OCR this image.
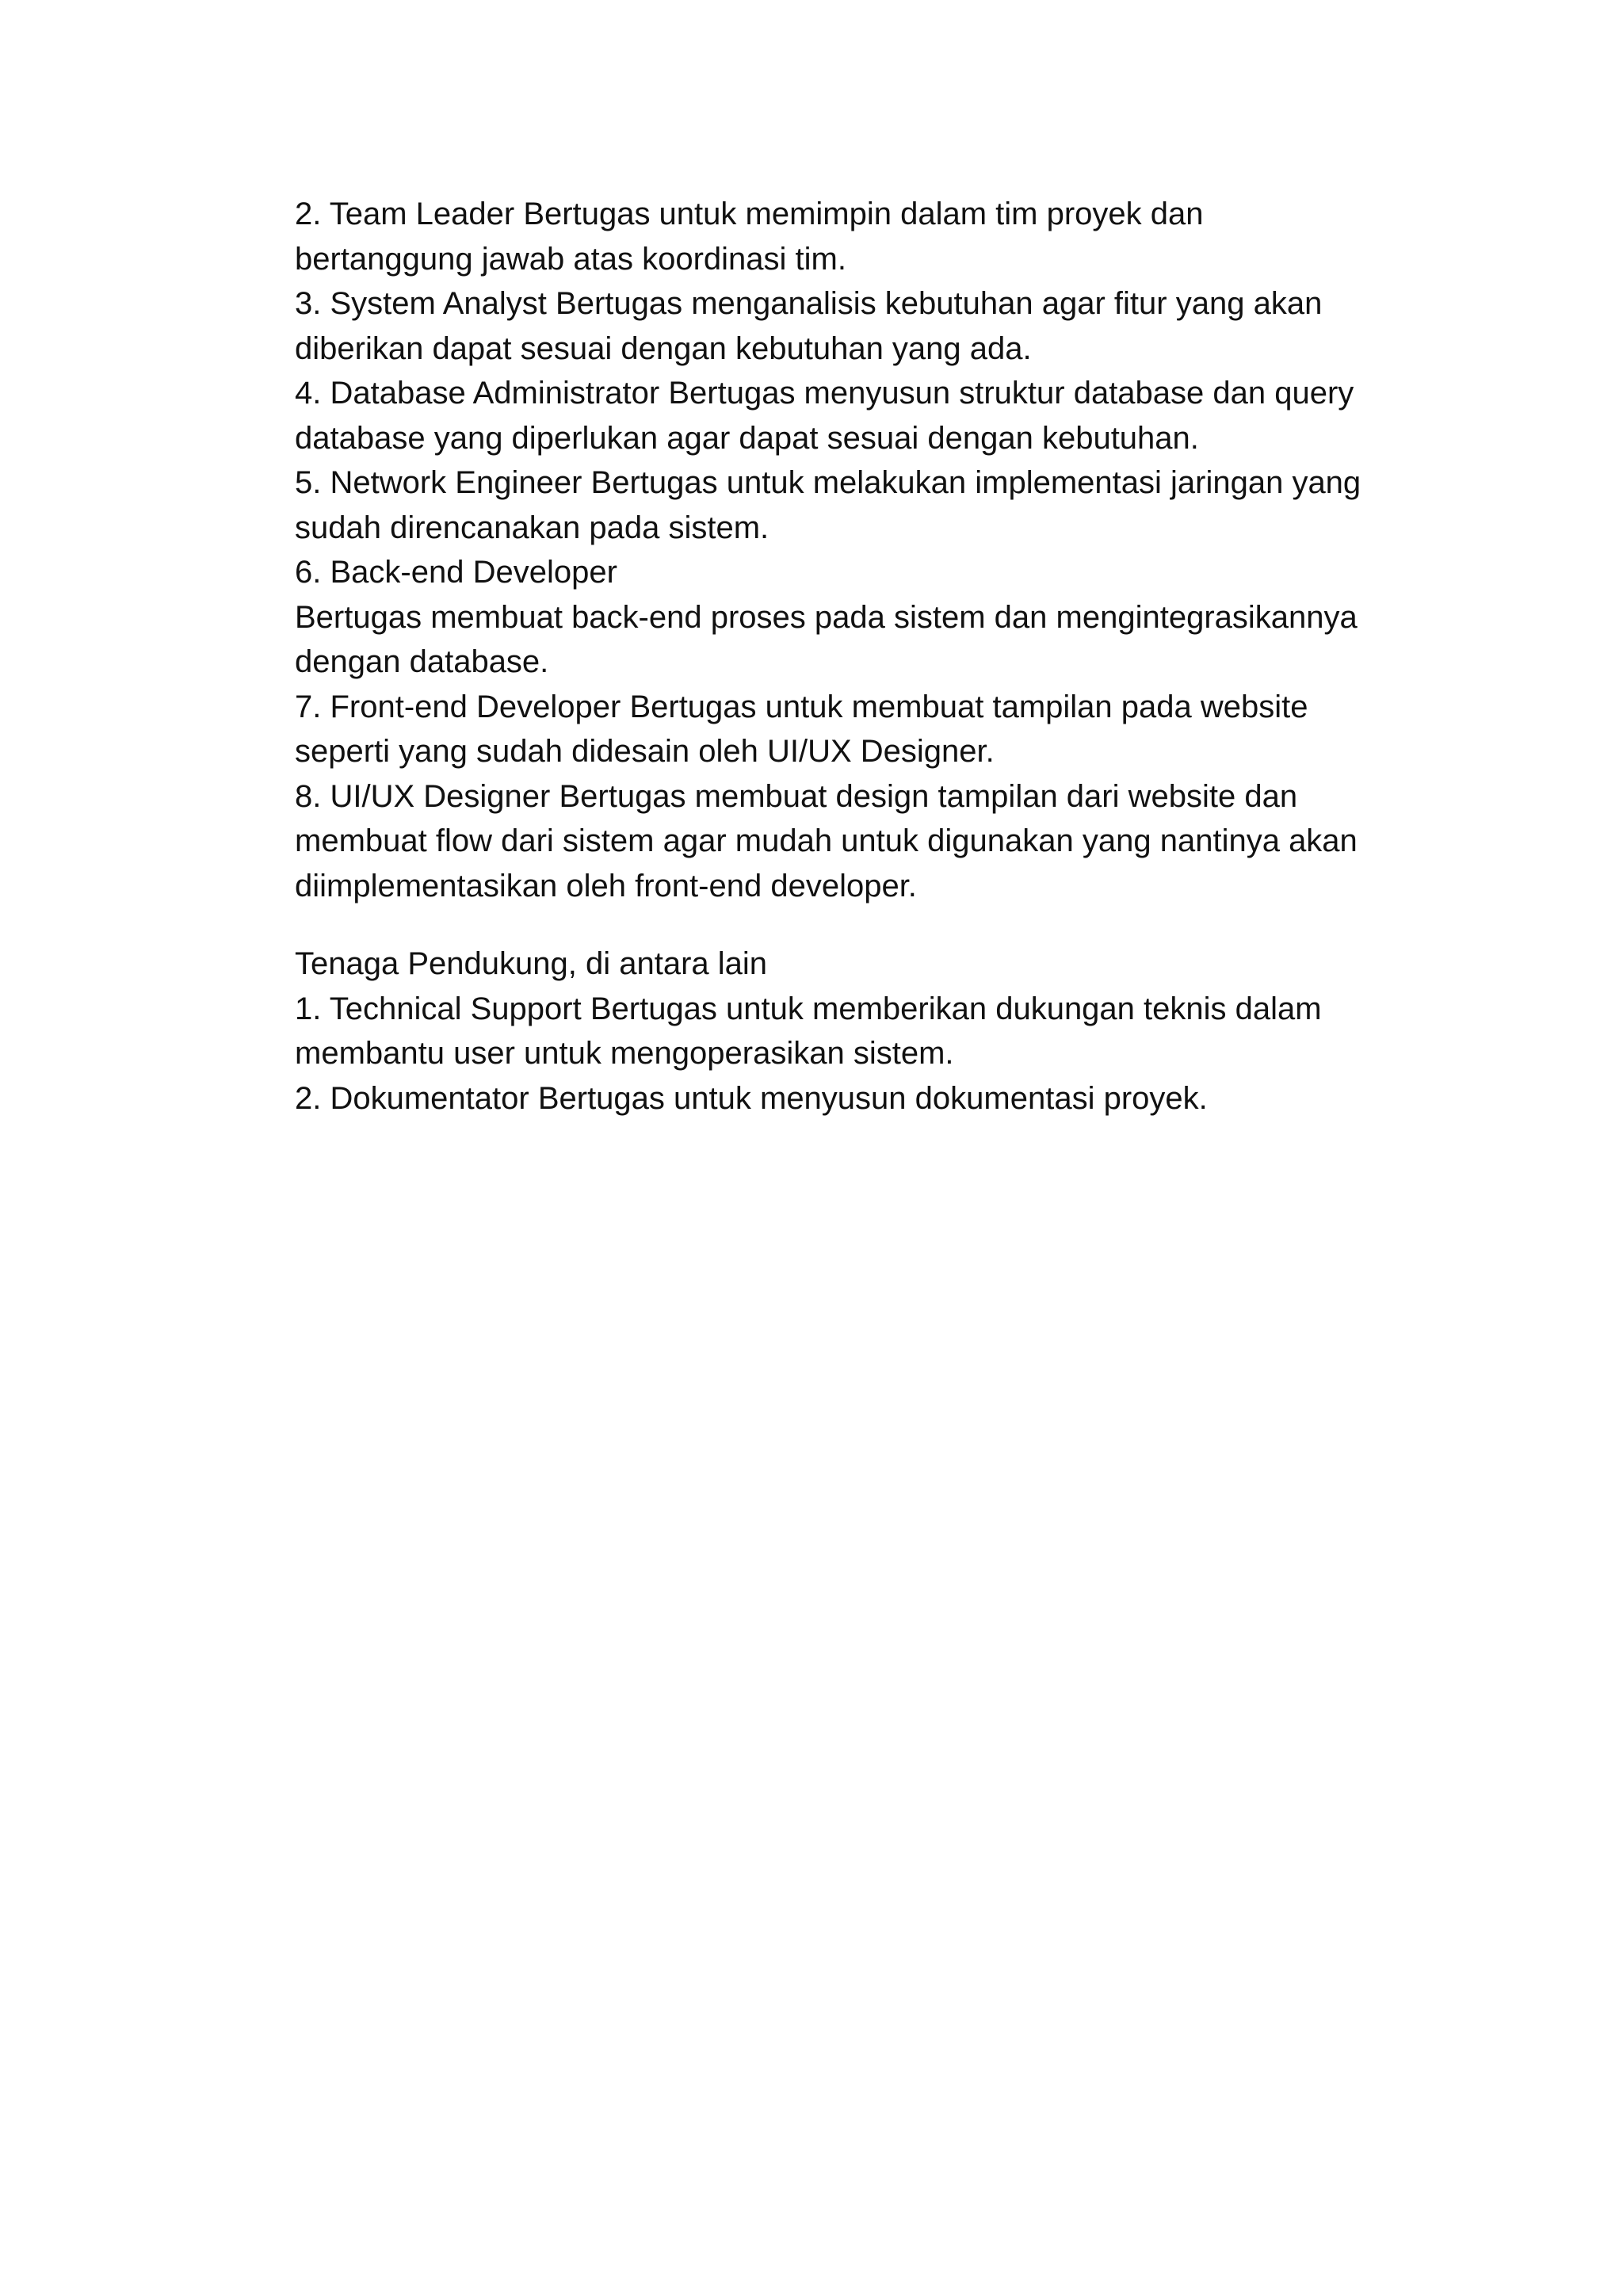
2. Team Leader Bertugas untuk memimpin dalam tim proyek dan
bertanggung jawab atas koordinasi tim.
3. System Analyst Bertugas menganalisis kebutuhan agar fitur yang akan
diberikan dapat sesuai dengan kebutuhan yang ada.
4. Database Administrator Bertugas menyusun struktur database dan query
database yang diperlukan agar dapat sesuai dengan kebutuhan.
5. Network Engineer Bertugas untuk melakukan implementasi jaringan yang
sudah direncanakan pada sistem.
6. Back-end Developer
Bertugas membuat back-end proses pada sistem dan mengintegrasikannya
dengan database.
7. Front-end Developer Bertugas untuk membuat tampilan pada website
seperti yang sudah didesain oleh UI/UX Designer.
8. UI/UX Designer Bertugas membuat design tampilan dari website dan
membuat flow dari sistem agar mudah untuk digunakan yang nantinya akan
diimplementasikan oleh front-end developer.
Tenaga Pendukung, di antara lain
1. Technical Support Bertugas untuk memberikan dukungan teknis dalam
membantu user untuk mengoperasikan sistem.
2. Dokumentator Bertugas untuk menyusun dokumentasi proyek.
